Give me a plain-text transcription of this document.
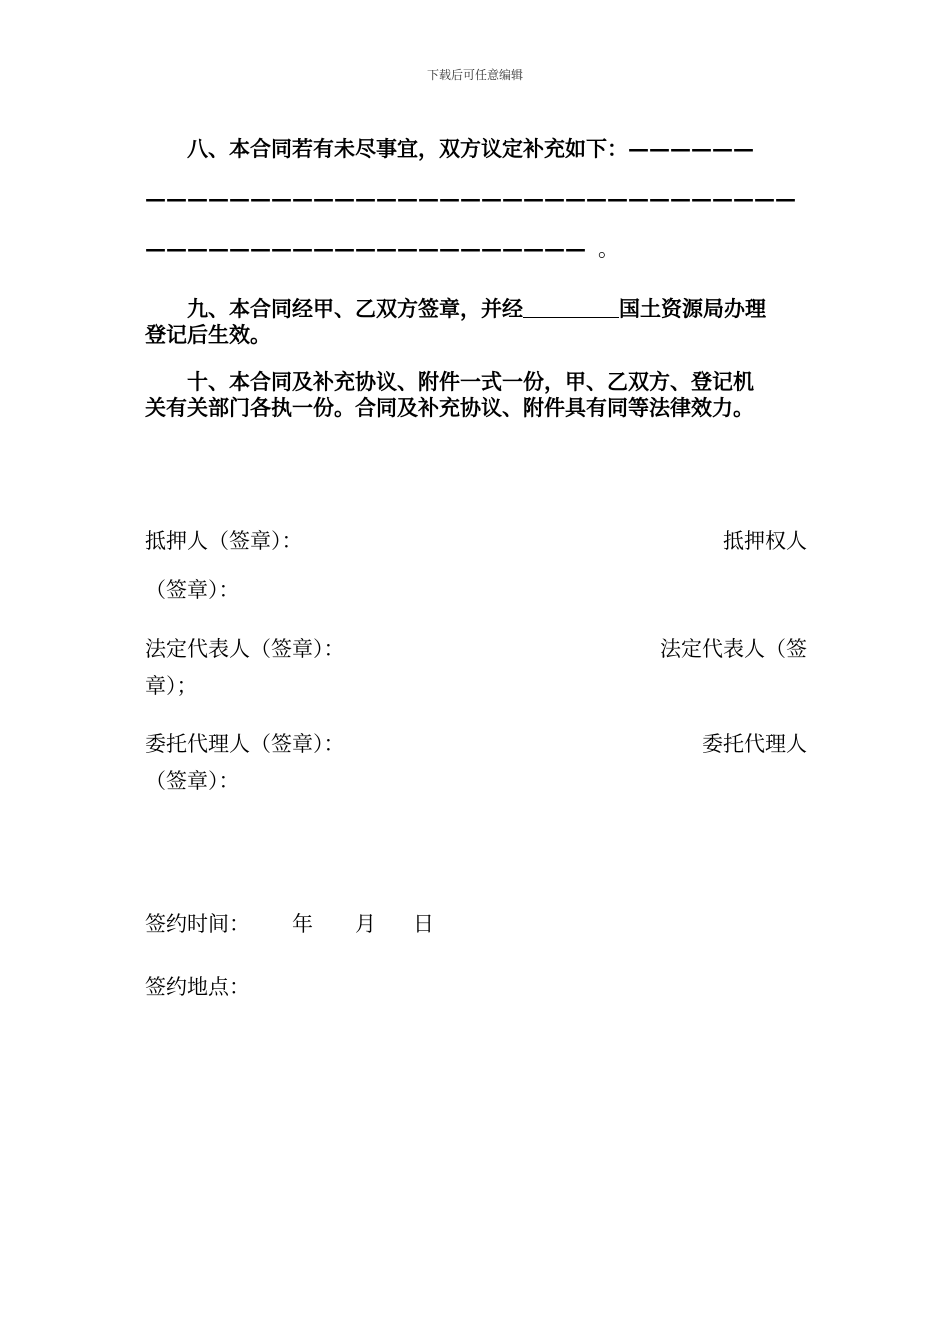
下载后可任意编辑
八、本合同若有未尽事宜，双方议定补充如下：——————
———————————————————————————————
————————————————————— 。
九、本合同经甲、乙双方签章，并经	国土资源局办理
登记后生效。
十、本合同及补充协议、附件一式一份，甲、乙双方、登记机
关有关部门各执一份。合同及补充协议、附件具有同等法律效力。
抵押人（签章）：	抵押权人
（签章）：
法定代表人（签章）：	法定代表人（签
章）；
委托代理人（签章）：	委托代理人
（签章）：
签约时间： 年 月 日
签约地点：
